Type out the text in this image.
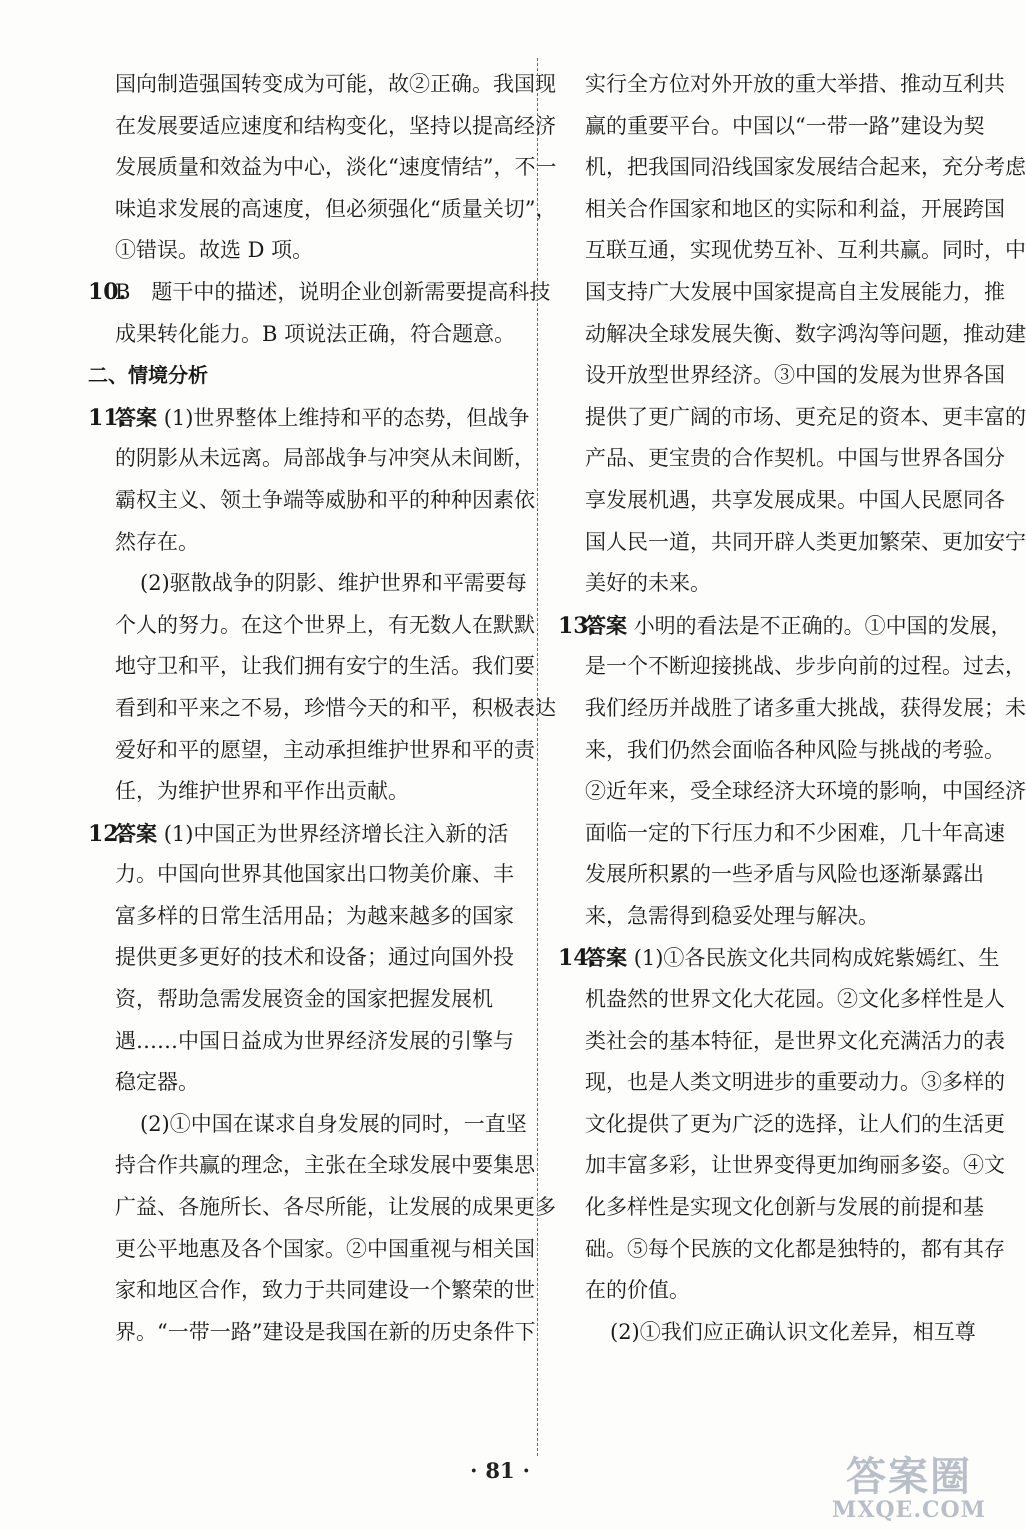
国向制造强国转变成为可能，故②正确。我国现
在发展要适应速度和结构变化，坚持以提高经济
发展质量和效益为中心，淡化“速度情结”，不一
味追求发展的高速度，但必须强化“质量关切”，
①错误。故选 D 项。
10.B　题干中的描述，说明企业创新需要提高科技
成果转化能力。B 项说法正确，符合题意。
二、情境分析
11.答案 (1)世界整体上维持和平的态势，但战争
的阴影从未远离。局部战争与冲突从未间断，
霸权主义、领土争端等威胁和平的种种因素依
然存在。
(2)驱散战争的阴影、维护世界和平需要每
个人的努力。在这个世界上，有无数人在默默
地守卫和平，让我们拥有安宁的生活。我们要
看到和平来之不易，珍惜今天的和平，积极表达
爱好和平的愿望，主动承担维护世界和平的责
任，为维护世界和平作出贡献。
12.答案 (1)中国正为世界经济增长注入新的活
力。中国向世界其他国家出口物美价廉、丰
富多样的日常生活用品；为越来越多的国家
提供更多更好的技术和设备；通过向国外投
资，帮助急需发展资金的国家把握发展机
遇……中国日益成为世界经济发展的引擎与
稳定器。
(2)①中国在谋求自身发展的同时，一直坚
持合作共赢的理念，主张在全球发展中要集思
广益、各施所长、各尽所能，让发展的成果更多
更公平地惠及各个国家。②中国重视与相关国
家和地区合作，致力于共同建设一个繁荣的世
界。“一带一路”建设是我国在新的历史条件下
实行全方位对外开放的重大举措、推动互利共
赢的重要平台。中国以“一带一路”建设为契
机，把我国同沿线国家发展结合起来，充分考虑
相关合作国家和地区的实际和利益，开展跨国
互联互通，实现优势互补、互利共赢。同时，中
国支持广大发展中国家提高自主发展能力，推
动解决全球发展失衡、数字鸿沟等问题，推动建
设开放型世界经济。③中国的发展为世界各国
提供了更广阔的市场、更充足的资本、更丰富的
产品、更宝贵的合作契机。中国与世界各国分
享发展机遇，共享发展成果。中国人民愿同各
国人民一道，共同开辟人类更加繁荣、更加安宁
美好的未来。
13.答案 小明的看法是不正确的。①中国的发展，
是一个不断迎接挑战、步步向前的过程。过去，
我们经历并战胜了诸多重大挑战，获得发展；未
来，我们仍然会面临各种风险与挑战的考验。
②近年来，受全球经济大环境的影响，中国经济
面临一定的下行压力和不少困难，几十年高速
发展所积累的一些矛盾与风险也逐渐暴露出
来，急需得到稳妥处理与解决。
14.答案 (1)①各民族文化共同构成姹紫嫣红、生
机盎然的世界文化大花园。②文化多样性是人
类社会的基本特征，是世界文化充满活力的表
现，也是人类文明进步的重要动力。③多样的
文化提供了更为广泛的选择，让人们的生活更
加丰富多彩，让世界变得更加绚丽多姿。④文
化多样性是实现文化创新与发展的前提和基
础。⑤每个民族的文化都是独特的，都有其存
在的价值。
(2)①我们应正确认识文化差异，相互尊
· 81 ·	答案圈
MXQE.COM
